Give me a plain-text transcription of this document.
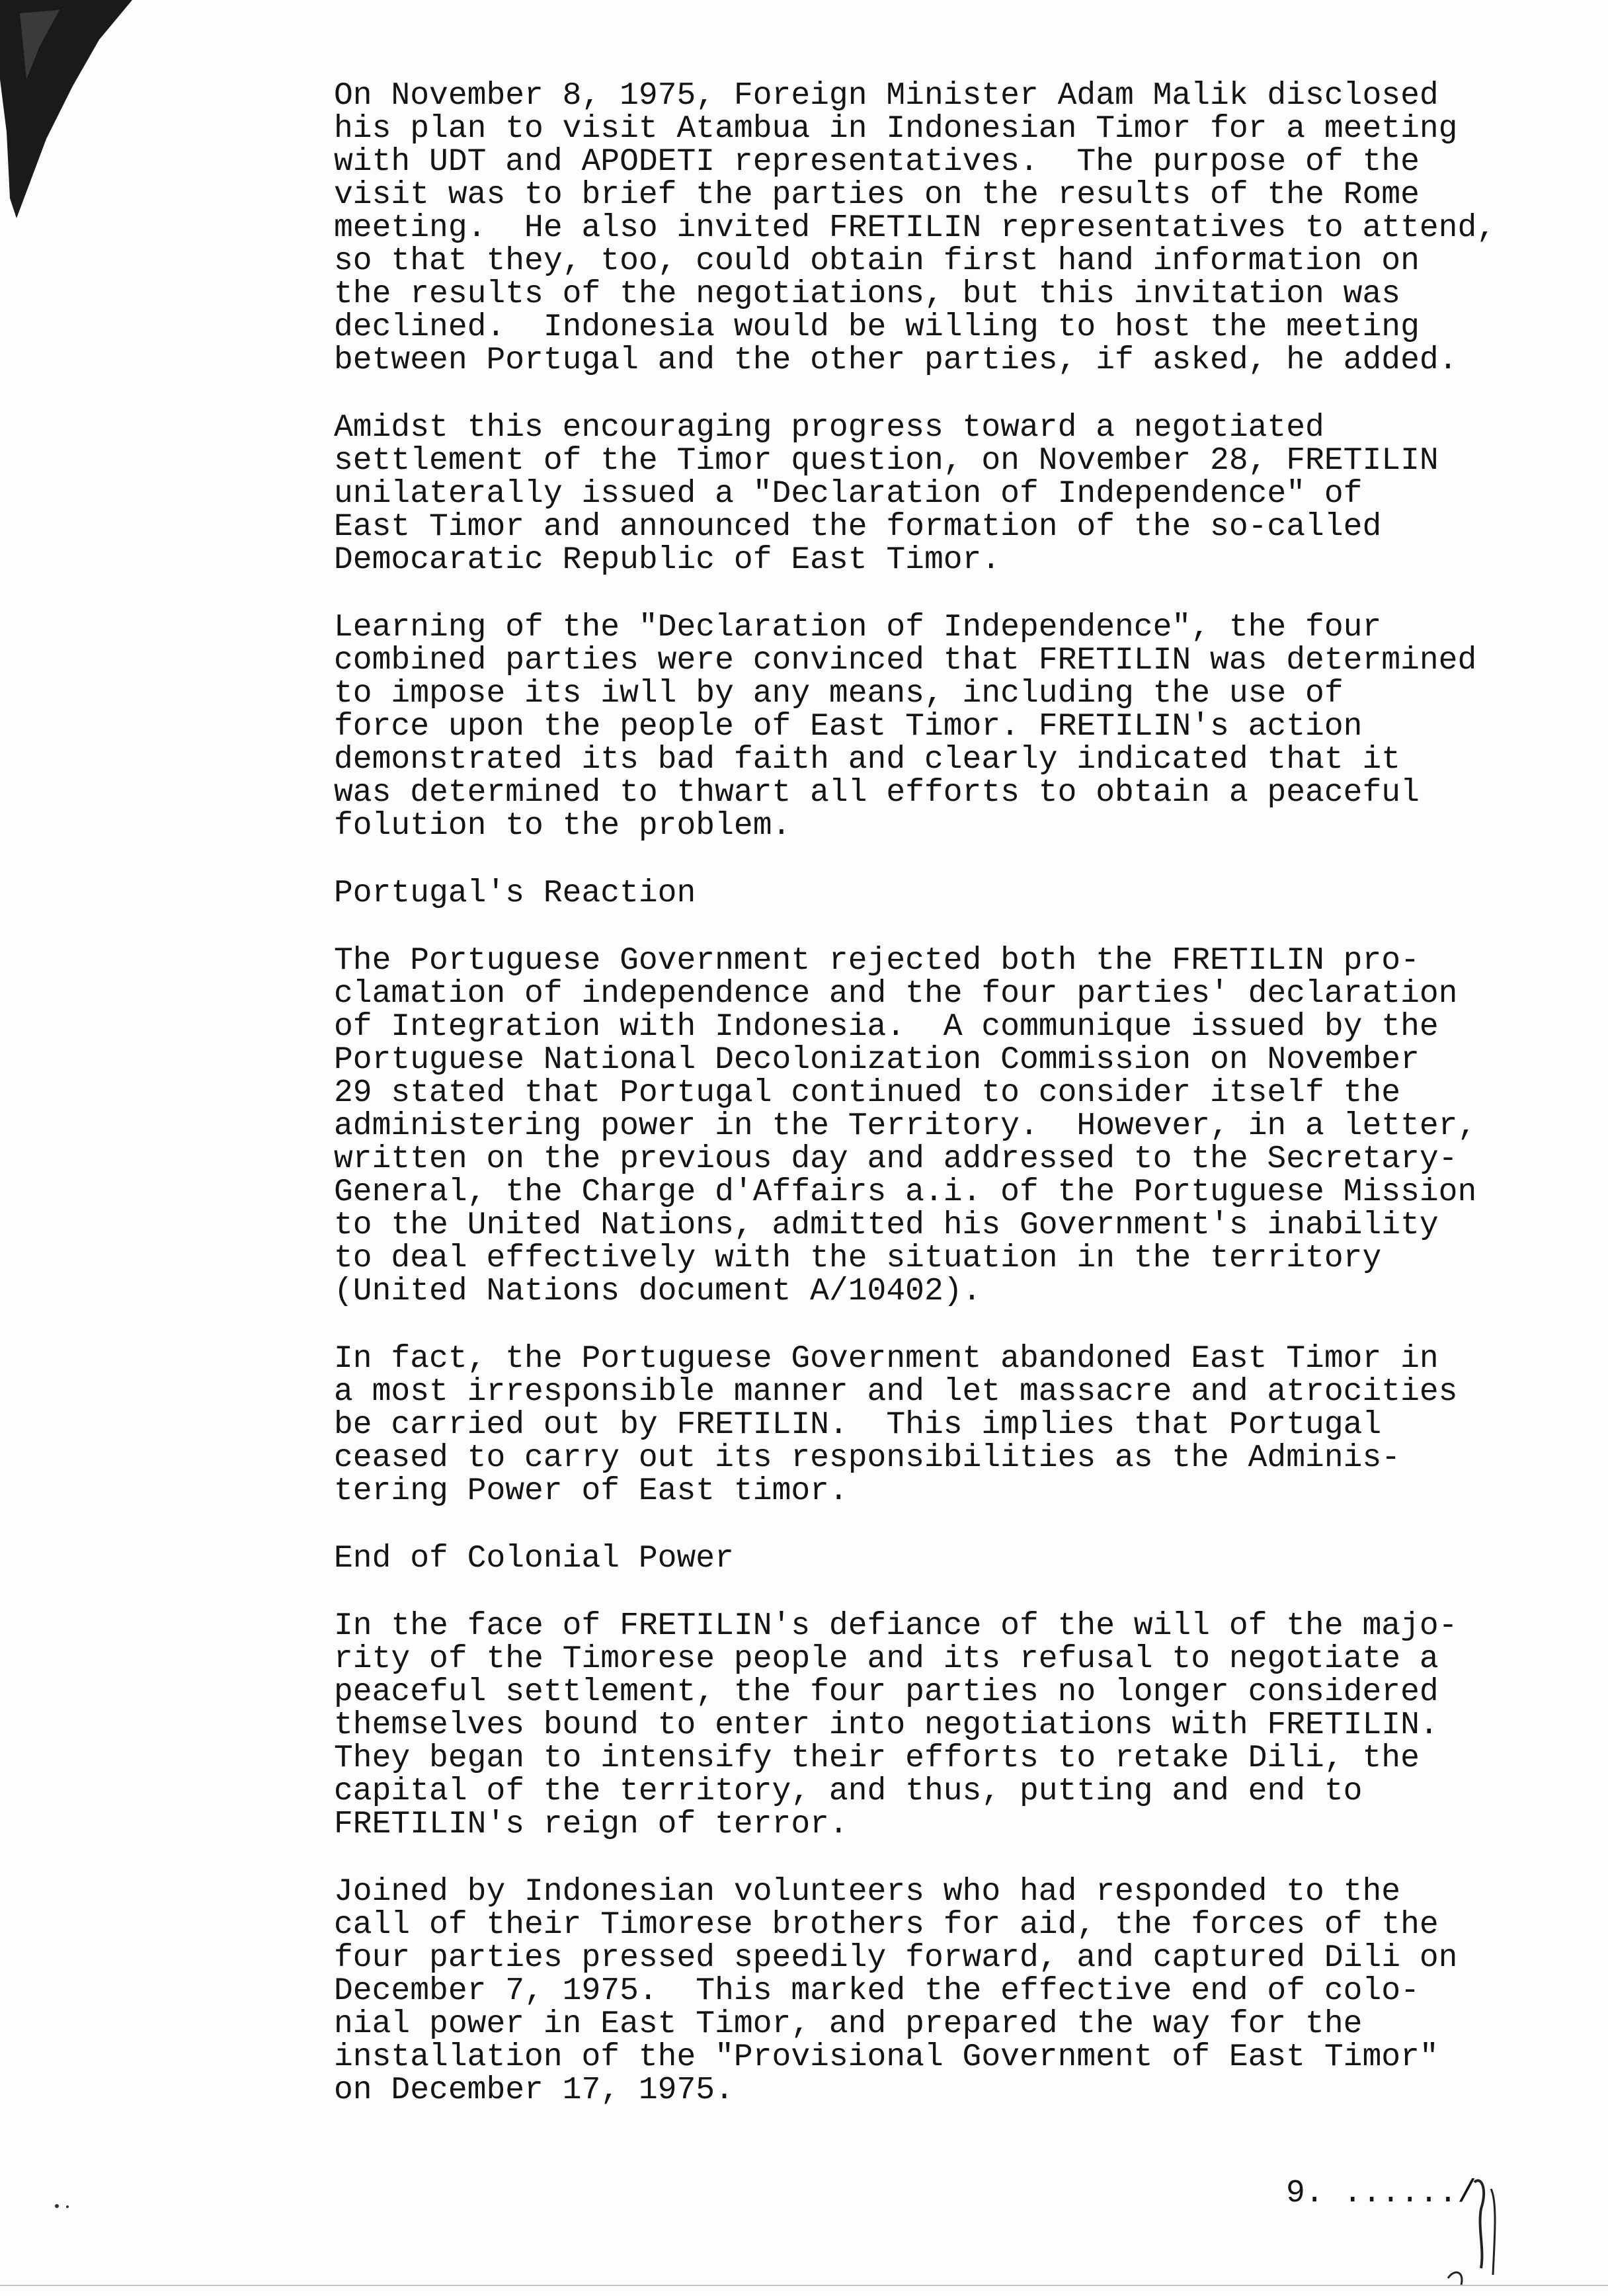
On November 8, 1975, Foreign Minister Adam Malik disclosed
his plan to visit Atambua in Indonesian Timor for a meeting
with UDT and APODETI representatives.  The purpose of the
visit was to brief the parties on the results of the Rome
meeting.  He also invited FRETILIN representatives to attend,
so that they, too, could obtain first hand information on
the results of the negotiations, but this invitation was
declined.  Indonesia would be willing to host the meeting
between Portugal and the other parties, if asked, he added.
Amidst this encouraging progress toward a negotiated
settlement of the Timor question, on November 28, FRETILIN
unilaterally issued a "Declaration of Independence" of
East Timor and announced the formation of the so-called
Democaratic Republic of East Timor.
Learning of the "Declaration of Independence", the four
combined parties were convinced that FRETILIN was determined
to impose its iwll by any means, including the use of
force upon the people of East Timor. FRETILIN's action
demonstrated its bad faith and clearly indicated that it
was determined to thwart all efforts to obtain a peaceful
folution to the problem.
Portugal's Reaction
The Portuguese Government rejected both the FRETILIN pro-
clamation of independence and the four parties' declaration
of Integration with Indonesia.  A communique issued by the
Portuguese National Decolonization Commission on November
29 stated that Portugal continued to consider itself the
administering power in the Territory.  However, in a letter,
written on the previous day and addressed to the Secretary-
General, the Charge d'Affairs a.i. of the Portuguese Mission
to the United Nations, admitted his Government's inability
to deal effectively with the situation in the territory
(United Nations document A/10402).
In fact, the Portuguese Government abandoned East Timor in
a most irresponsible manner and let massacre and atrocities
be carried out by FRETILIN.  This implies that Portugal
ceased to carry out its responsibilities as the Adminis-
tering Power of East timor.
End of Colonial Power
In the face of FRETILIN's defiance of the will of the majo-
rity of the Timorese people and its refusal to negotiate a
peaceful settlement, the four parties no longer considered
themselves bound to enter into negotiations with FRETILIN.
They began to intensify their efforts to retake Dili, the
capital of the territory, and thus, putting and end to
FRETILIN's reign of terror.
Joined by Indonesian volunteers who had responded to the
call of their Timorese brothers for aid, the forces of the
four parties pressed speedily forward, and captured Dili on
December 7, 1975.  This marked the effective end of colo-
nial power in East Timor, and prepared the way for the
installation of the "Provisional Government of East Timor"
on December 17, 1975.
9. ....../
